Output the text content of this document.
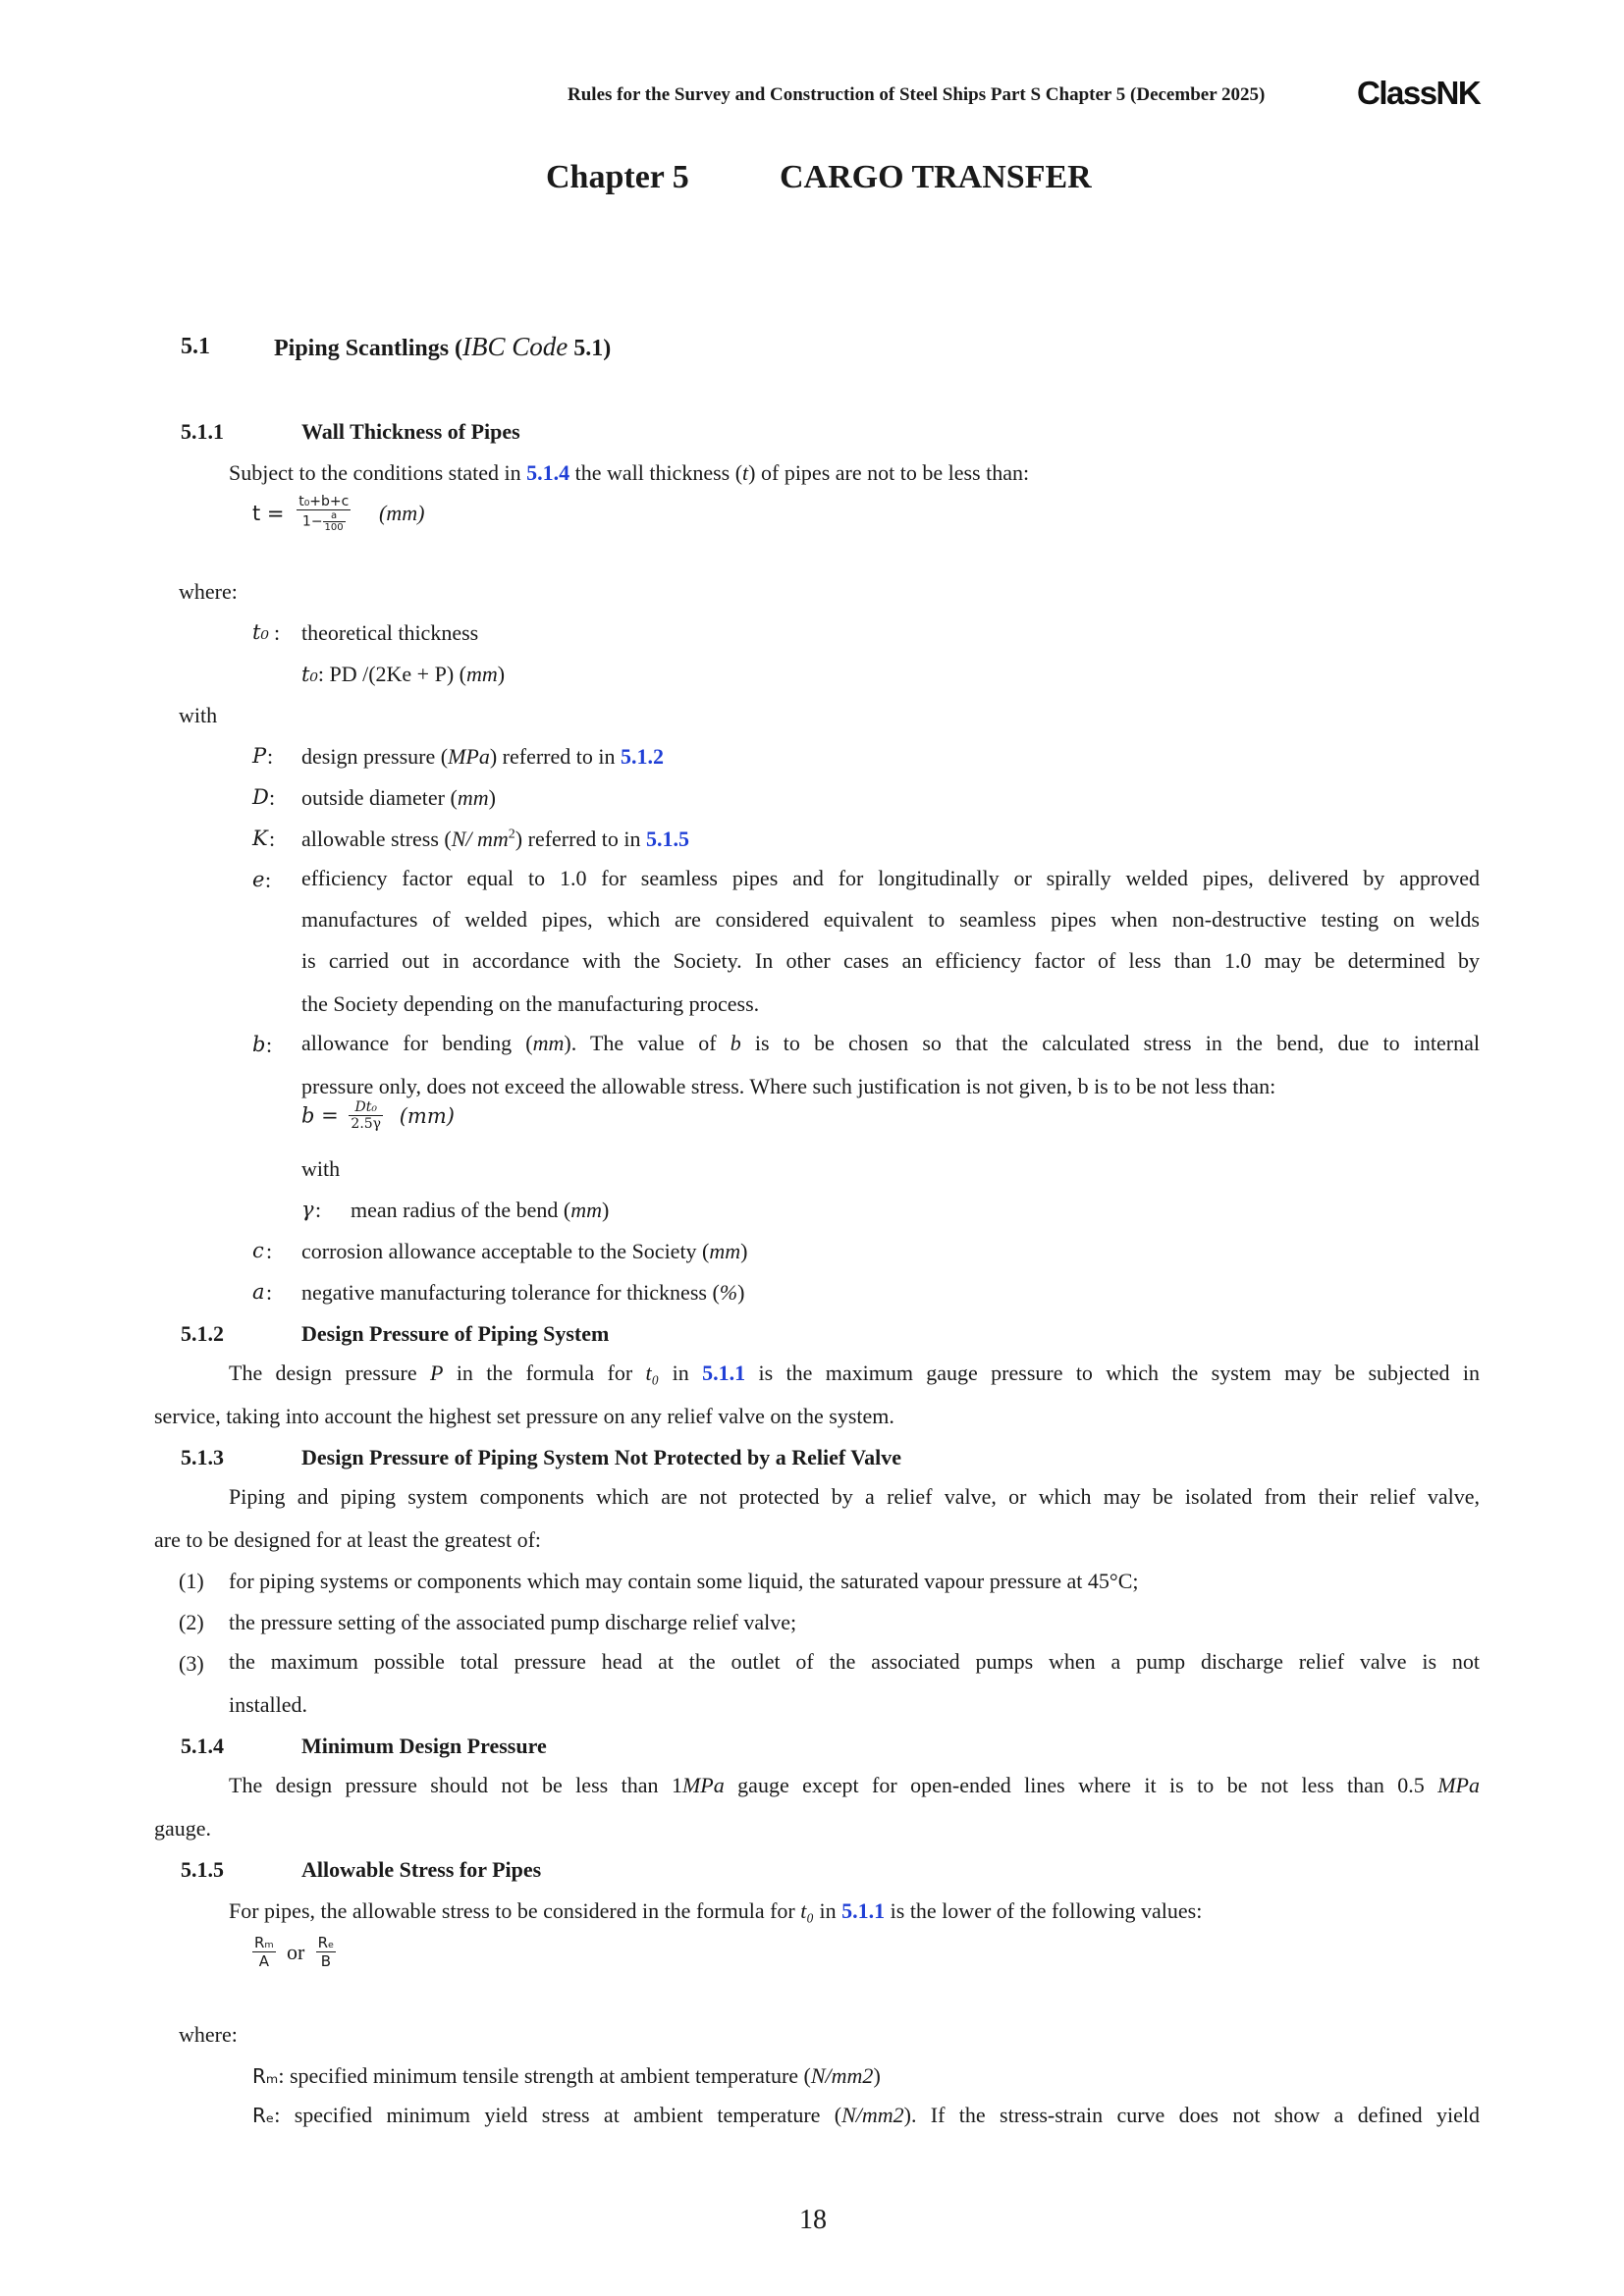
Rules for the Survey and Construction of Steel Ships Part S Chapter 5 (December 2025)	ClassNK
Chapter 5	CARGO TRANSFER
5.1	Piping Scantlings (IBC Code 5.1)
5.1.1	Wall Thickness of Pipes
Subject to the conditions stated in 5.1.4 the wall thickness (t) of pipes are not to be less than:
$t = \frac{\text{t₀+b+c}}{1- \frac{a}{100}} (mm)$
where:
t₀ : theoretical thickness
t₀: PD /(2Ke + P) (mm)
with
P : design pressure (MPa) referred to in 5.1.2
D : outside diameter (mm)
K : allowable stress (N/ $mm^2$) referred to in 5.1.5
e : efficiency factor equal to 1.0 for seamless pipes and for longitudinally or spirally welded pipes, delivered by approved
manufactures of welded pipes, which are considered equivalent to seamless pipes when non-destructive testing on welds
is carried out in accordance with the Society. In other cases an efficiency factor of less than 1.0 may be determined by
the Society depending on the manufacturing process.
b : allowance for bending (mm). The value of b is to be chosen so that the calculated stress in the bend, due to internal
pressure only, does not exceed the allowable stress. Where such justification is not given, b is to be not less than:
$b = \frac{\text{Dt₀}}{2.5\gamma} (mm)$
with
γ : mean radius of the bend (mm)
c : corrosion allowance acceptable to the Society (mm)
a : negative manufacturing tolerance for thickness (%)
5.1.2	Design Pressure of Piping System
The design pressure P in the formula for t₀ in 5.1.1 is the maximum gauge pressure to which the system may be subjected in
service, taking into account the highest set pressure on any relief valve on the system.
5.1.3	Design Pressure of Piping System Not Protected by a Relief Valve
Piping and piping system components which are not protected by a relief valve, or which may be isolated from their relief valve,
are to be designed for at least the greatest of:
(1) for piping systems or components which may contain some liquid, the saturated vapour pressure at 45°C;
(2) the pressure setting of the associated pump discharge relief valve;
(3) the maximum possible total pressure head at the outlet of the associated pumps when a pump discharge relief valve is not
installed.
5.1.4	Minimum Design Pressure
The design pressure should not be less than 1MPa gauge except for open-ended lines where it is to be not less than 0.5 MPa
gauge.
5.1.5	Allowable Stress for Pipes
For pipes, the allowable stress to be considered in the formula for t₀ in 5.1.1 is the lower of the following values:
$\frac{\text{Rₘ}}{A}$ or $\frac{\text{Rₑ}}{B}$
where:
Rₘ: specified minimum tensile strength at ambient temperature (N/mm2)
Rₑ: specified minimum yield stress at ambient temperature (N/mm2). If the stress-strain curve does not show a defined yield
18
